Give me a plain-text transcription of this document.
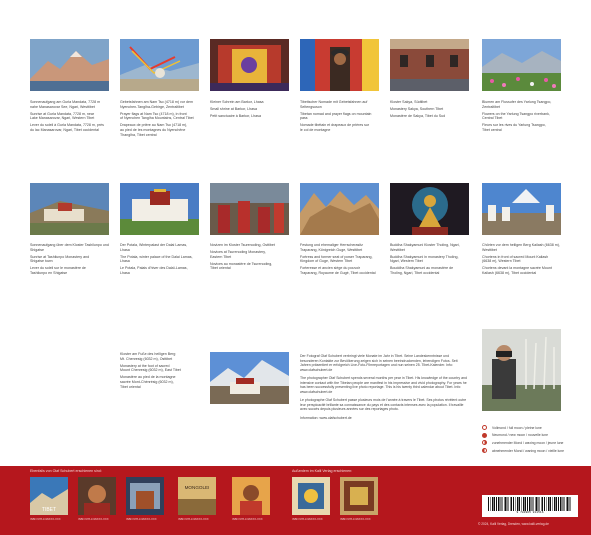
Sonnenaufgang am Gurla Mandata, 7728 m
nahe Manasarovar See, Ngari, Westtibet

Sunrise at Gurla Mandata, 7728 m, near
Lake Manasarovar, Ngari, Western Tibet

Lever du soleil à Gurla Mandata, 7728 m, près
du lac Manasarovar, Ngari, Tibet occidental

Gebetsfahnen am Nam Tso (4718 m) vor dem
Nyenchen-Tanglha-Gebirge, Zentraltibet

Prayer flags at Nam Tso (4718 m), in front
of Nyenchen Tanglha Mountains, Central Tibet

Drapeaux de prière au Nam Tso (4718 m),
au pied de les montagnes du Nyenchêne
Thanglha, Tibet central

Kleiner Schrein am Barkor, Lhasa

Small shrine at Barkor, Lhasa

Petit sanctuaire à Barkor, Lhasa

Tibetischer Nomade mit Gebetsfahnen auf
Seltengsuson

Tibetan nomad and prayer flags on mountain
pass

Nomade tibétain et drapeaux de prières sur
le col de montagne

Kloster Sakya, Südtibet

Monastery Sakya, Southern Tibet

Monastère de Sakya, Tibet du Sud

Blumen am Flussufer des Yarlung Tsangpo,
Zentraltibet

Flowers on the Yarlung Tsangpo riverbank,
Central Tibet

Fleurs sur les rives du Yarlung Tsangpo,
Tibet central

Sonnenaufgang über dem Kloster Tashilunpo und
Shigatse

Sunrise at Tashilunpo Monastery and
Shigatse town

Lever du soleil sur le monastère de
Tashilunpo en Shigatse

Der Potala, Winterpalast der Dalai Lamas,
Lhasa

The Potala, winter palace of the Dalai Lamas,
Lhasa

Le Potala, Palais d'hiver des Dalaï-Lamas,
Lhasa

Novizen im Kloster Tsurenoding, Osttibet

Novices at Tsurenoding Monastery,
Eastern Tibet

Novices au monastère de Tsurenoding,
Tibet oriental

Festung und ehemaliger Herrscherasitz
Traparang, Königreich Guge, Westtibet

Fortress and former seat of power Traparang,
Kingdom of Guge, Western Tibet

Forteresse et ancien siège du pouvoir
Traparang, Royaume de Gugé, Tibet occidental

Buddha Shakyamuni Kloster Tholing, Ngari,
Westtibet

Buddha Shakyamuni in monastery Tholing,
Ngari, Western Tibet

Bouddha Shakyamuni au monastère de
Tholing, Ngari, Tibet occidental

Chörten vor dem heiligen Berg Kailash (6638 m),
Westtibet

Chortens in front of sacred Mount Kailash
(6638 m), Western Tibet

Chortens devant la montagne sacrée Mount
Kailash (6638 m), Tibet occidental

Kloster am Fuße des heiligen Berg
Mt. Chenresig (6032 m), Osttibet

Monastery at the foot of sacred
Mount Chenresig (6032 m), East Tibet

Monastère au pied de la montagne
sacrée Mont-Chénrésig (6032 m),
Tibet oriental

Der Fotograf Olaf Schubert verbringt viele Monate im Jahr in Tibet. Seine Landeskenntnisse und besonderen Kontakte zur Bevölkerung zeigen sich in seinen beeindruckenden, lebendigen Fotos. Seit Jahren präsentiert er erfolgreich Live-Foto-Filmreportagen und nun seinen 25. Tibet-Kalender. Info: www.olafschubert.de

The photographer Olaf Schubert spends several months per year in Tibet. His knowledge of the country and intensive contact with the Tibetan people are manifest in his impressive and vivid photography. For years he has been successfully presenting live photo reportage. This is his twenty third calendar about Tibet. Info: www.olafschubert.de

Le photographe Olaf Schubert passe plusieurs mois de l'année à travers le Tibet. Ses photos révèlent outre leur perspicacité brillante sa connaissance du pays et des contacts intenses avec la population. Il travaille avec succès depuis plusieurs années sur des reportages photo.

Information: www.olafschubert.de

Vollmond / full moon / pleine lune
Neumond / new moon / nouvelle lune
zunehmender Mond / waxing moon / jeune lune
abnehmender Mond / waning moon / vieille lune
Ebenfalls von Olaf Schubert erschienen sind:	Außerdem im Kalli Verlag erschienen:
TIBET
ISBN 978-3-96XXX-XXX	ISBN 978-3-96XXX-XXX	ISBN 978-3-96XXX-XXX
MONGOLEI
ISBN 978-3-96XXX-XXX	ISBN 978-3-96XXX-XXX	ISBN 978-3-96XXX-XXX	ISBN 978-3-96XXX-XXX
9 783965 911516
© 2024, Kalli Verlag, Dresden, www.kalli-verlag.de
